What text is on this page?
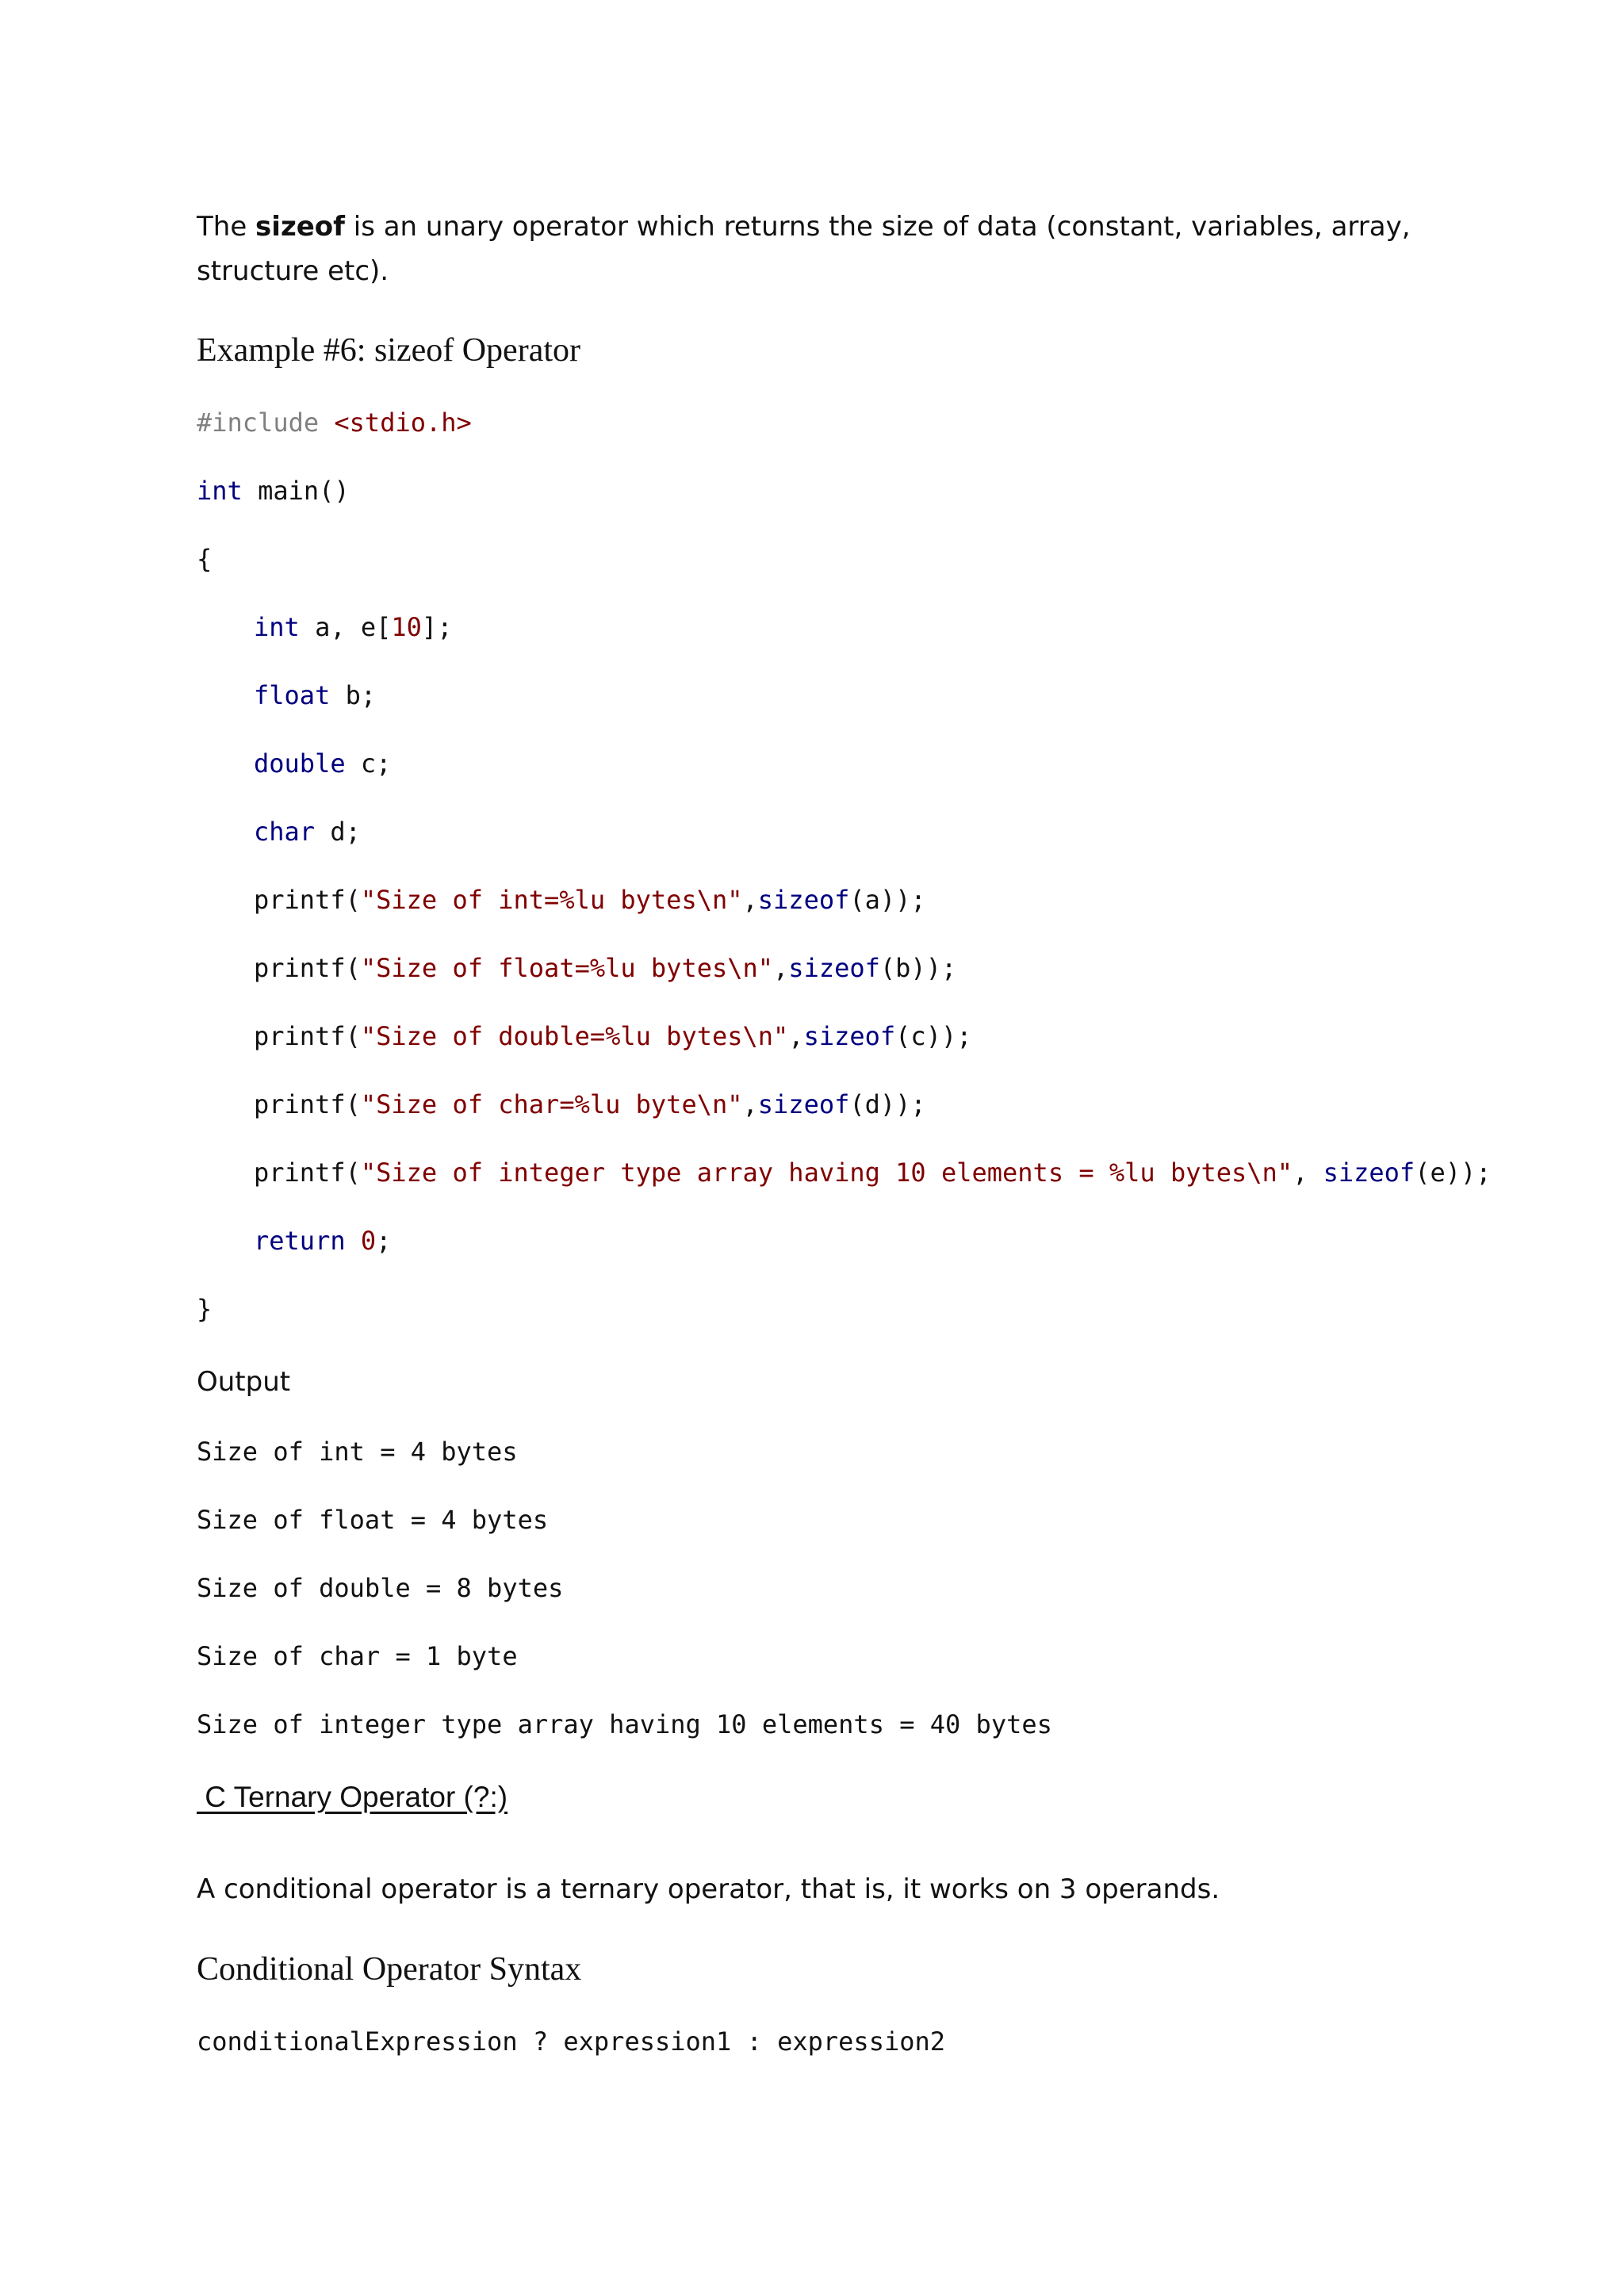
The sizeof is an unary operator which returns the size of data (constant, variables, array, structure etc).

Example #6: sizeof Operator
#include <stdio.h>
int main()
{
int a, e[10];
float b;
double c;
char d;
printf("Size of int=%lu bytes\n",sizeof(a));
printf("Size of float=%lu bytes\n",sizeof(b));
printf("Size of double=%lu bytes\n",sizeof(c));
printf("Size of char=%lu byte\n",sizeof(d));
printf("Size of integer type array having 10 elements = %lu bytes\n", sizeof(e));
return 0;
}
Output
Size of int = 4 bytes
Size of float = 4 bytes
Size of double = 8 bytes
Size of char = 1 byte
Size of integer type array having 10 elements = 40 bytes
C Ternary Operator (?:)
A conditional operator is a ternary operator, that is, it works on 3 operands.
Conditional Operator Syntax
conditionalExpression ? expression1 : expression2
